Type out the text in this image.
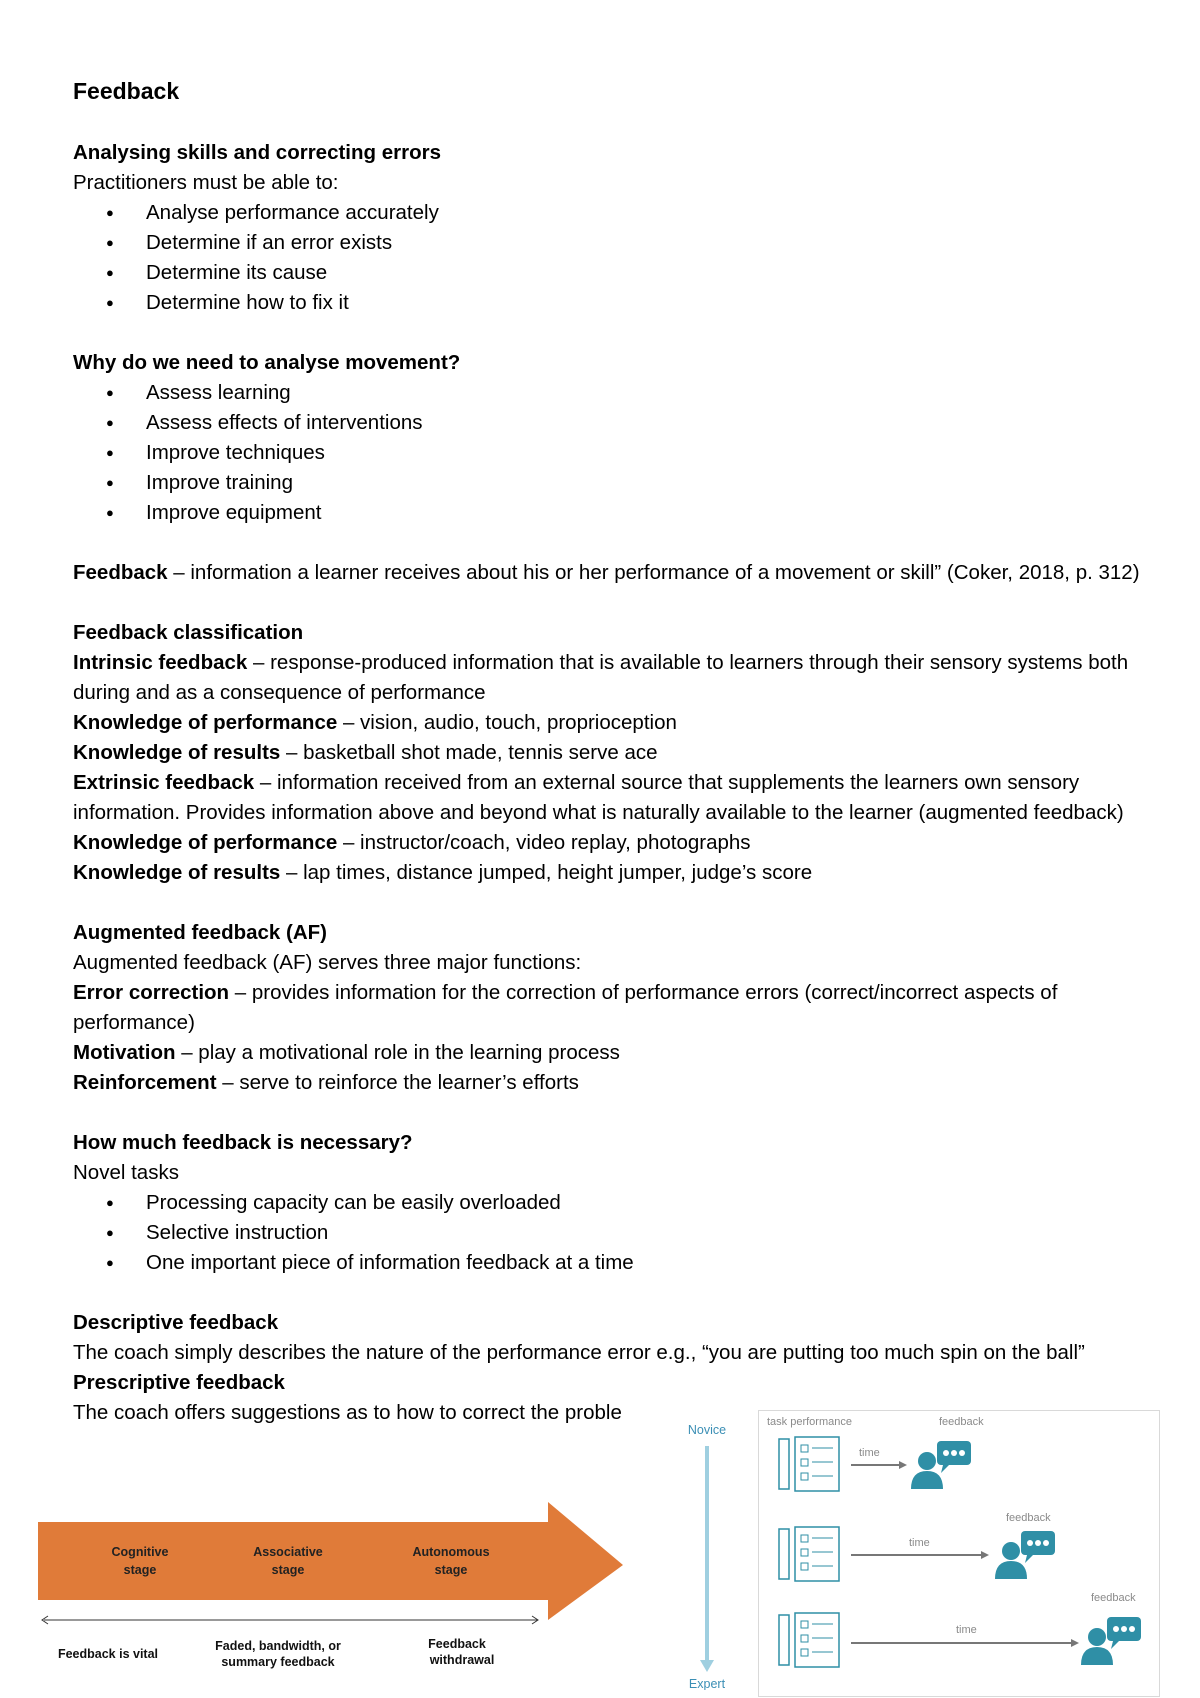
Feedback
Analysing skills and correcting errors
Practitioners must be able to:
● Analyse performance accurately
● Determine if an error exists
● Determine its cause
● Determine how to fix it
Why do we need to analyse movement?
● Assess learning
● Assess effects of interventions
● Improve techniques
● Improve training
● Improve equipment
Feedback – information a learner receives about his or her performance of a movement or skill” (Coker, 2018, p. 312)
Feedback classification
Intrinsic feedback – response-produced information that is available to learners through their sensory systems both during and as a consequence of performance
Knowledge of performance – vision, audio, touch, proprioception
Knowledge of results – basketball shot made, tennis serve ace
Extrinsic feedback – information received from an external source that supplements the learners own sensory information. Provides information above and beyond what is naturally available to the learner (augmented feedback)
Knowledge of performance – instructor/coach, video replay, photographs
Knowledge of results – lap times, distance jumped, height jumper, judge’s score
Augmented feedback (AF)
Augmented feedback (AF) serves three major functions:
Error correction – provides information for the correction of performance errors (correct/incorrect aspects of performance)
Motivation – play a motivational role in the learning process
Reinforcement – serve to reinforce the learner’s efforts
How much feedback is necessary?
Novel tasks
● Processing capacity can be easily overloaded
● Selective instruction
● One important piece of information feedback at a time
Descriptive feedback
The coach simply describes the nature of the performance error e.g., “you are putting too much spin on the ball”
Prescriptive feedback
The coach offers suggestions as to how to correct the proble
Cognitive
stage
Associative
stage
Autonomous
stage
Feedback is vital
Faded, bandwidth, or
summary feedback
Feedback
withdrawal
Novice
Expert
task performance	feedback
time
feedback
time
feedback
time
